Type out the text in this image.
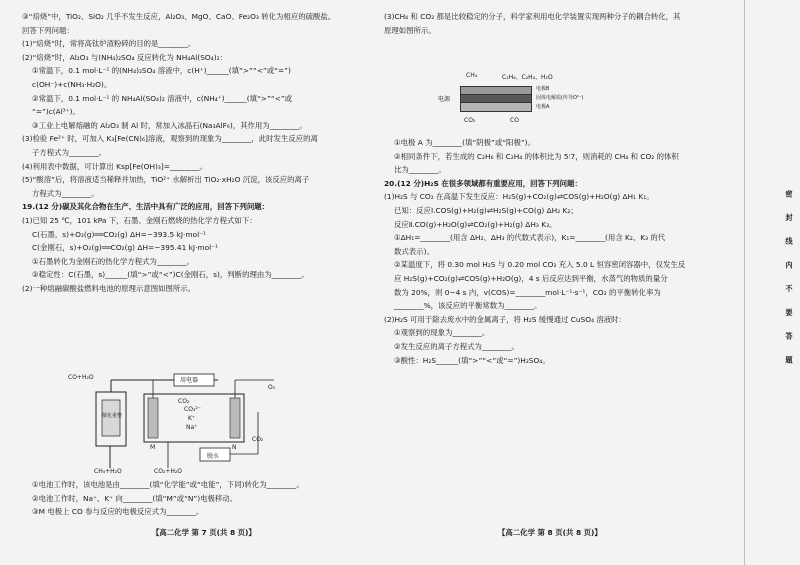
③“焙烧”中，TiO₂、SiO₂ 几乎不发生反应，Al₂O₃、MgO、CaO、Fe₂O₃ 转化为相应的硫酸盐。
回答下列问题：
(1)“焙烧”时，常将高钛炉渣粉碎的目的是________。
(2)“焙烧”时，Al₂O₃ 与(NH₄)₂SO₄ 反应转化为 NH₄Al(SO₄)₂：
①常温下，0.1 mol·L⁻¹ 的(NH₄)₂SO₄ 溶液中，c(H⁺)______(填“>”“<”或“=”)
c(OH⁻)+c(NH₃·H₂O)。
②常温下，0.1 mol·L⁻¹ 的 NH₄Al(SO₄)₂ 溶液中，c(NH₄⁺)______(填“>”“<”或
“=”)c(Al³⁺)。
③工业上电解熔融的 Al₂O₃ 制 Al 时，常加入冰晶石(Na₃AlF₆)，其作用为________。
(3)检验 Fe²⁺ 时，可加入 K₃[Fe(CN)₆]溶液，观察到的现象为________，此时发生反应的离
子方程式为________。
(4)利用表中数据，可计算出 Ksp[Fe(OH)₃]=________。
(5)“酸溶”后，将溶液适当稀释并加热，TiO²⁺ 水解析出 TiO₂·xH₂O 沉淀，该反应的离子
方程式为________。
19.(12 分)碳及其化合物在生产、生活中具有广泛的应用，回答下列问题：
(1)已知 25 ℃，101 kPa 下，石墨、金刚石燃烧的热化学方程式如下：
C(石墨，s)+O₂(g)══CO₂(g) ΔH=−393.5 kJ·mol⁻¹
C(金刚石，s)+O₂(g)══CO₂(g) ΔH=−395.41 kJ·mol⁻¹
①石墨转化为金刚石的热化学方程式为________。
②稳定性：C(石墨，s)______(填“>”或“<”)C(金刚石，s)，判断的理由为________。
(2)一种熔融碳酸盐燃料电池的原理示意图如图所示。
CO+H₂O
催化重整
用电器
O₂
CO₂
CO₃²⁻
K⁺
Na⁺
M	N
脱水
CO₂
CH₄+H₂O	CO₂+H₂O
①电池工作时，该电池是由________(填“化学能”或“电能”，下同)转化为________。
②电池工作时，Na⁺、K⁺ 向________(填“M”或“N”)电极移动。
③M 电极上 CO 参与反应的电极反应式为________。
【高二化学 第 7 页(共 8 页)】
(3)CH₄ 和 CO₂ 都是比较稳定的分子，科学家利用电化学装置实现两种分子的耦合转化，其
原理如图所示。
CH₄	C₂H₆、C₂H₄、H₂O
电源
电极B
固体电解质(传导O²⁻)
电极A
CO₂	CO
①电极 A 为________(填“阴极”或“阳极”)。
②相同条件下，若生成的 C₂H₆ 和 C₂H₄ 的体积比为 5∶7，则消耗的 CH₄ 和 CO₂ 的体积
比为________。
20.(12 分)H₂S 在很多领域都有重要应用，回答下列问题：
(1)H₂S 与 CO₂ 在高温下发生反应：H₂S(g)+CO₂(g)⇌COS(g)+H₂O(g) ΔH₁ K₁。
已知：反应Ⅰ.COS(g)+H₂(g)⇌H₂S(g)+CO(g) ΔH₂ K₂；
反应Ⅱ.CO(g)+H₂O(g)⇌CO₂(g)+H₂(g) ΔH₃ K₃。
①ΔH₁=________(用含 ΔH₂、ΔH₃ 的代数式表示)，K₁=________(用含 K₂、K₃ 的代
数式表示)。
②某温度下，将 0.30 mol H₂S 与 0.20 mol CO₂ 充入 5.0 L 恒容密闭容器中，仅发生反
应 H₂S(g)+CO₂(g)⇌COS(g)+H₂O(g)，4 s 后反应达到平衡，水蒸气的物质的量分
数为 20%，则 0~4 s 内，v(COS)=________mol·L⁻¹·s⁻¹，CO₂ 的平衡转化率为
________%，该反应的平衡常数为________。
(2)H₂S 可用于除去废水中的金属离子，将 H₂S 缓慢通过 CuSO₄ 溶液时：
①观察到的现象为________。
②发生反应的离子方程式为________。
③酸性：H₂S______(填“>”“<”或“=”)H₂SO₄。
【高二化学 第 8 页(共 8 页)】
密 封 线 内 不 要 答 题
